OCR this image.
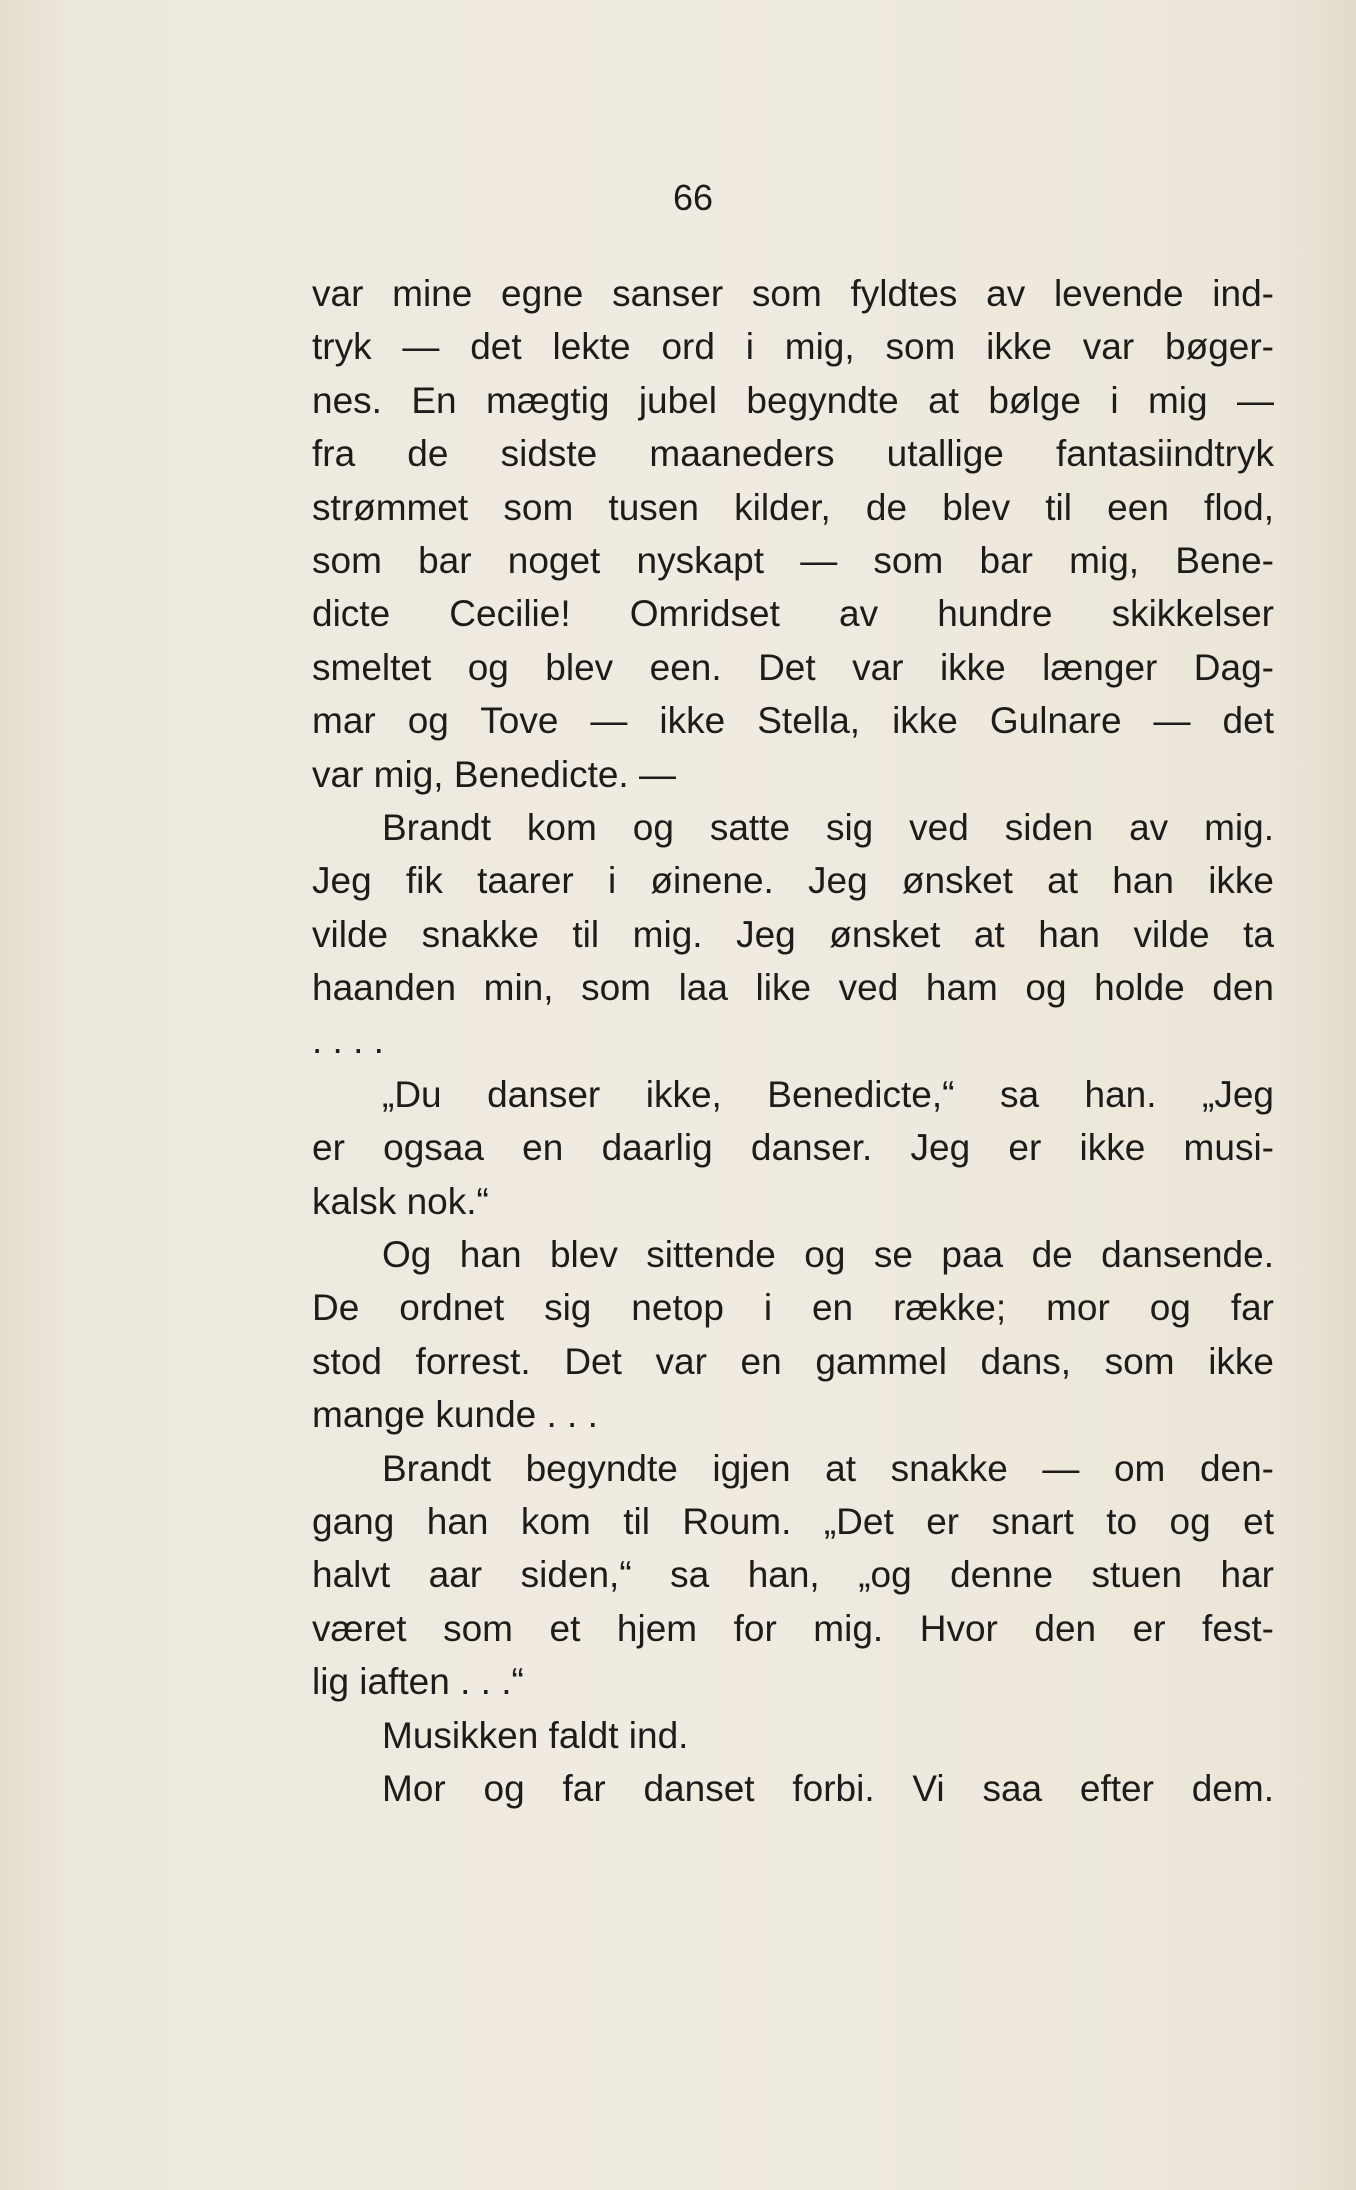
66
var mine egne sanser som fyldtes av levende ind-
tryk — det lekte ord i mig, som ikke var bøger-
nes. En mægtig jubel begyndte at bølge i mig —
fra de sidste maaneders utallige fantasiindtryk
strømmet som tusen kilder, de blev til een flod,
som bar noget nyskapt — som bar mig, Bene-
dicte Cecilie! Omridset av hundre skikkelser
smeltet og blev een. Det var ikke længer Dag-
mar og Tove — ikke Stella, ikke Gulnare — det
var mig, Benedicte. —
Brandt kom og satte sig ved siden av mig.
Jeg fik taarer i øinene. Jeg ønsket at han ikke
vilde snakke til mig. Jeg ønsket at han vilde ta
haanden min, som laa like ved ham og holde den
. . . .
„Du danser ikke, Benedicte,“ sa han. „Jeg
er ogsaa en daarlig danser. Jeg er ikke musi-
kalsk nok.“
Og han blev sittende og se paa de dansende.
De ordnet sig netop i en række; mor og far
stod forrest. Det var en gammel dans, som ikke
mange kunde . . .
Brandt begyndte igjen at snakke — om den-
gang han kom til Roum. „Det er snart to og et
halvt aar siden,“ sa han, „og denne stuen har
været som et hjem for mig. Hvor den er fest-
lig iaften . . .“
Musikken faldt ind.
Mor og far danset forbi. Vi saa efter dem.
